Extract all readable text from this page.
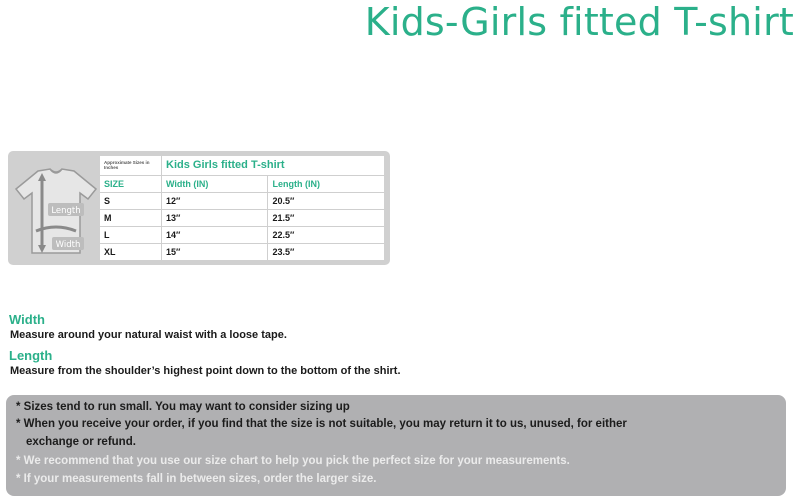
Kids-Girls fitted T-shirt
Length
Width
Approximate Sizes in Inches	Kids Girls fitted T-shirt	
SIZE	Width (IN)	Length (IN)
S	12″	20.5″
M	13″	21.5″
L	14″	22.5″
XL	15″	23.5″
Width
Measure around your natural waist with a loose tape.
Length
Measure from the shoulder’s highest point down to the bottom of the shirt.
* Sizes tend to run small. You may want to consider sizing up
* When you receive your order, if you find that the size is not suitable, you may return it to us, unused, for either
exchange or refund.
* We recommend that you use our size chart to help you pick the perfect size for your measurements.
* If your measurements fall in between sizes, order the larger size.
